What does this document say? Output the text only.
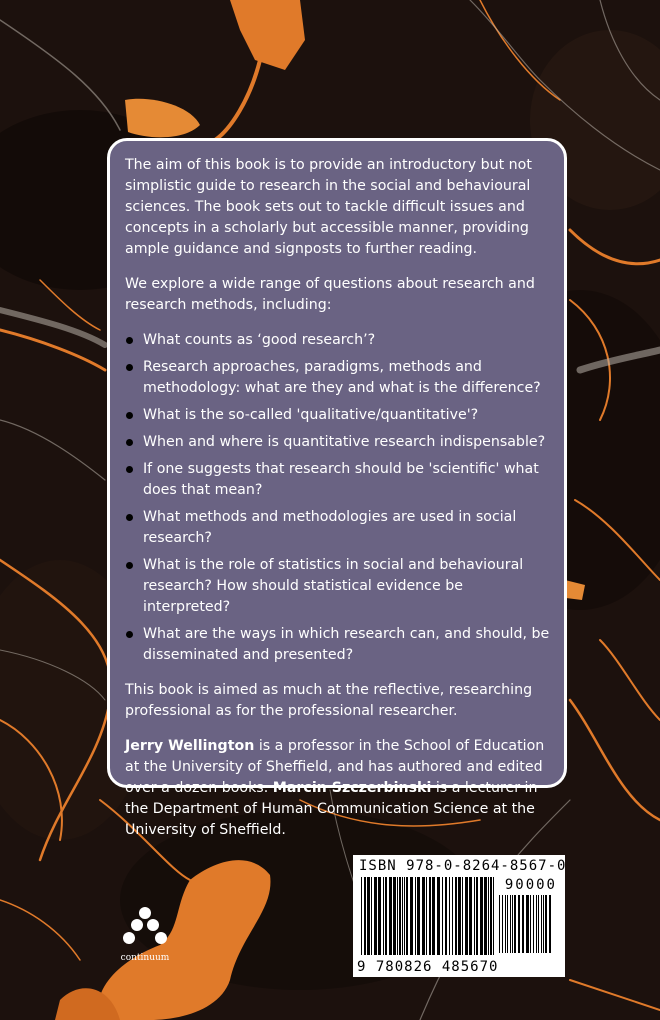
The aim of this book is to provide an introductory but not simplistic guide to research in the social and behavioural sciences. The book sets out to tackle difficult issues and concepts in a scholarly but accessible manner, providing ample guidance and signposts to further reading.

We explore a wide range of questions about research and research methods, including:

What counts as ‘good research’?
Research approaches, paradigms, methods and methodology: what are they and what is the difference?
What is the so-called 'qualitative/quantitative'?
When and where is quantitative research indispensable?
If one suggests that research should be 'scientific' what does that mean?
What methods and methodologies are used in social research?
What is the role of statistics in social and behavioural research? How should statistical evidence be interpreted?
What are the ways in which research can, and should, be disseminated and presented?

This book is aimed as much at the reflective, researching professional as for the professional researcher.

Jerry Wellington is a professor in the School of Education at the University of Sheffield, and has authored and edited over a dozen books. Marcin Szczerbinski is a lecturer in the Department of Human Communication Science at the University of Sheffield.

continuum
ISBN 978-0-8264-8567-0
90000
9 780826 485670
